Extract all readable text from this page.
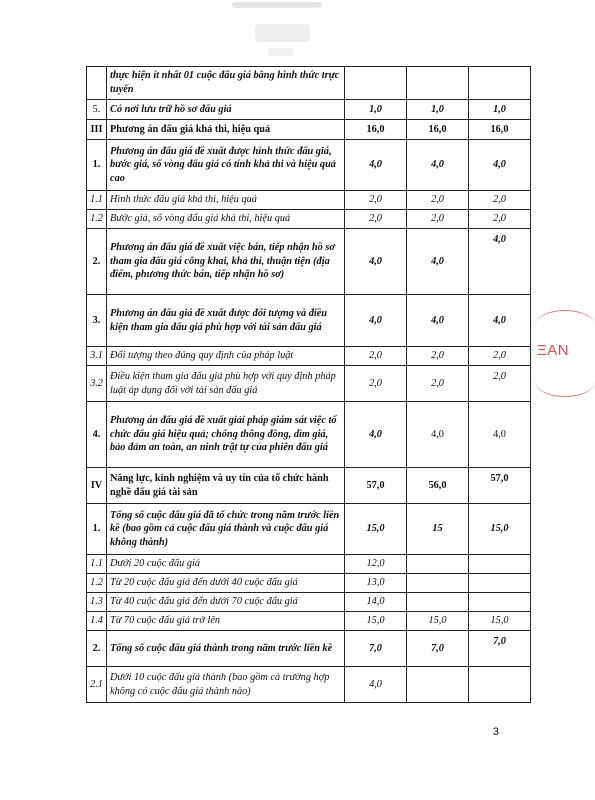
	thực hiện ít nhất 01 cuộc đấu giá bằng hình thức trực tuyến			
5.	Có nơi lưu trữ hồ sơ đấu giá	1,0	1,0	1,0
III	Phương án đấu giá khả thi, hiệu quả	16,0	16,0	16,0
1.	Phương án đấu giá đề xuất được hình thức đấu giá, bước giá, số vòng đấu giá có tính khả thi và hiệu quả cao	4,0	4,0	4,0
1.1	Hình thức đấu giá khả thi, hiệu quả	2,0	2,0	2,0
1.2	Bước giá, số vòng đấu giá khả thi, hiệu quả	2,0	2,0	2,0
2.	Phương án đấu giá đề xuất việc bán, tiếp nhận hồ sơ tham gia đấu giá công khai, khả thi, thuận tiện (địa điểm, phương thức bán, tiếp nhận hồ sơ)	4,0	4,0	4,0
3.	Phương án đấu giá đề xuất được đối tượng và điều kiện tham gia đấu giá phù hợp với tài sản đấu giá	4,0	4,0	4,0
3.1	Đối tượng theo đúng quy định của pháp luật	2,0	2,0	2,0
3.2	Điều kiện tham gia đấu giá phù hợp với quy định pháp luật áp dụng đối với tài sản đấu giá	2,0	2,0	2,0
4.	Phương án đấu giá đề xuất giải pháp giám sát việc tổ chức đấu giá hiệu quả; chống thông đồng, dìm giá, bảo đảm an toàn, an ninh trật tự của phiên đấu giá	4,0	4,0	4,0
IV	Năng lực, kinh nghiệm và uy tín của tổ chức hành nghề đấu giá tài sản	57,0	56,0	57,0
1.	Tổng số cuộc đấu giá đã tổ chức trong năm trước liền kề (bao gồm cả cuộc đấu giá thành và cuộc đấu giá không thành)	15,0	15	15,0
1.1	Dưới 20 cuộc đấu giá	12,0		
1.2	Từ 20 cuộc đấu giá đến dưới 40 cuộc đấu giá	13,0		
1.3	Từ 40 cuộc đấu giá đến dưới 70 cuộc đấu giá	14,0		
1.4	Từ 70 cuộc đấu giá trở lên	15,0	15,0	15,0
2.	Tổng số cuộc đấu giá thành trong năm trước liền kề	7,0	7,0	7,0
2.1	Dưới 10 cuộc đấu giá thành (bao gồm cả trường hợp không có cuộc đấu giá thành nào)	4,0		
ΞAN
3
